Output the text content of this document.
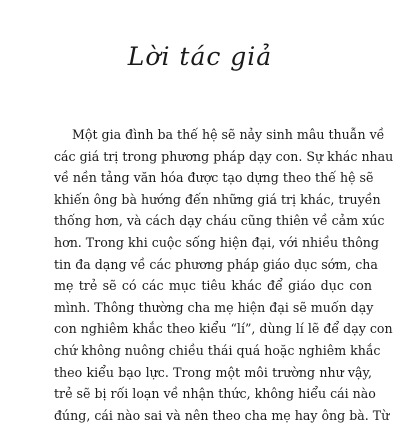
Lời tác giả
Một gia đình ba thế hệ sẽ nảy sinh mâu thuẫn về
các giá trị trong phương pháp dạy con. Sự khác nhau
về nền tảng văn hóa được tạo dựng theo thế hệ sẽ
khiến ông bà hướng đến những giá trị khác, truyền
thống hơn, và cách dạy cháu cũng thiên về cảm xúc
hơn. Trong khi cuộc sống hiện đại, với nhiều thông
tin đa dạng về các phương pháp giáo dục sớm, cha
mẹ trẻ sẽ có các mục tiêu khác để giáo dục con
mình. Thông thường cha mẹ hiện đại sẽ muốn dạy
con nghiêm khắc theo kiểu “lí”, dùng lí lẽ để dạy con
chứ không nuông chiều thái quá hoặc nghiêm khắc
theo kiểu bạo lực. Trong một môi trường như vậy,
trẻ sẽ bị rối loạn về nhận thức, không hiểu cái nào
đúng, cái nào sai và nên theo cha mẹ hay ông bà. Từ
